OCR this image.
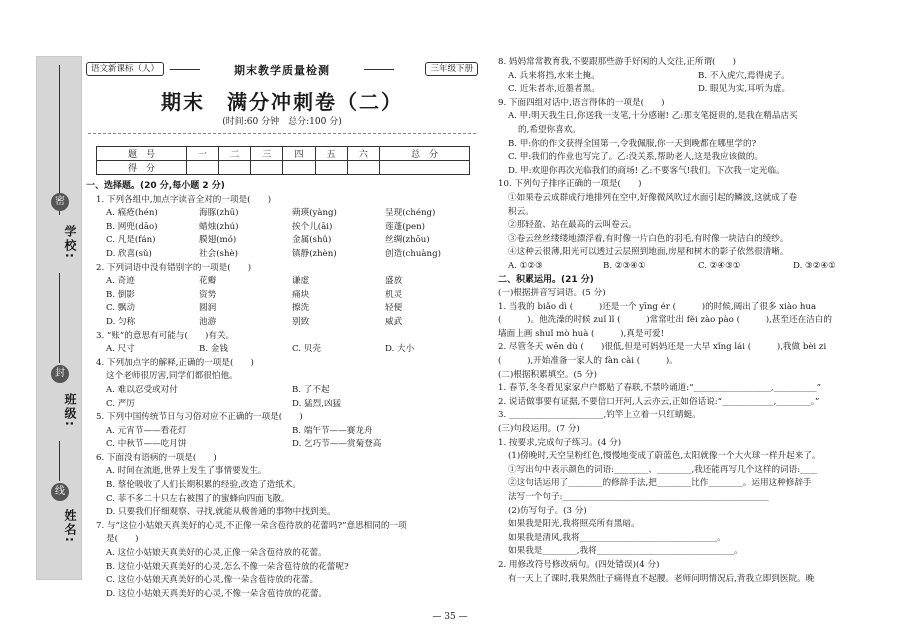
密
学校:
封
班级:
线
姓名:
语文新课标（人）	期末教学质量检测	三年级下册
期末　满分冲刺卷（二）
(时间:60 分钟　总分:100 分)
题　号	一	二	三	四	五	六	总　分
得　分							
一、选择题。(20 分,每小题 2 分)
1. 下列各组中,加点字读音全对的一项是(　　)
A. 瘊疮(hén)	海豚(zhū)	蒴瑛(yàng)	呈现(chéng)
B. 网兜(dāo)	蜡烛(zhú)	挨个儿(āi)	莲蓬(pen)
C. 凡是(fán)	膜翅(mó)	金属(shǔ)	丝绸(zhōu)
D. 欣喜(sǔ)	社会(shè)	镇静(zhèn)	创造(chuàng)
2. 下列词语中没有错别字的一项是(　　)
A. 奇迹	花瓣	谦虚	盛放
B. 倒影	资势	痛块	机灵
C. 飘动	圆润	擦洗	轻便
D. 匀称	池游	别致	威武
3. “账”的意思有可能与(　　)有关。
A. 尺寸	B. 金钱	C. 贝壳	D. 大小
4. 下列加点字的解释,正确的一项是(　　)
这个老师很厉害,同学们都很怕他。
A. 难以忍受或对付	B. 了不起
C. 严厉	D. 猛烈,凶猛
5. 下列中国传统节日与习俗对应不正确的一项是(　　)
A. 元宵节——看花灯	B. 端午节——赛龙舟
C. 中秋节——吃月饼	D. 乞巧节——赏菊登高
6. 下面没有语病的一项是(　　)
A. 时间在流逝,世界上发生了事情要发生。
B. 蔡伦吸收了人们长期积累的经验,改造了造纸术。
C. 菲不多二十只左右被围了的蜜蜂向四面飞散。
D. 只要我们仔细观察、寻找,就能从极普通的事物中找到美。
7. 与“这位小姑娘天真美好的心灵,不正像一朵含苞待放的花蕾吗?”意思相同的一项
是(　　)
A. 这位小姑娘天真美好的心灵,正像一朵含苞待放的花蕾。
B. 这位小姑娘天真美好的心灵,怎么不像一朵含苞待放的花蕾呢?
C. 这位小姑娘天真美好的心灵,像一朵含苞待放的花蕾。
D. 这位小姑娘天真美好的心灵,不像一朵含苞待放的花蕾。
8. 妈妈常常教育我,不要跟那些游手好闲的人交往,正所谓(　　)
A. 兵来将挡,水来土掩。	B. 不入虎穴,焉得虎子。
C. 近朱者赤,近墨者黑。	D. 眼见为实,耳听为虚。
9. 下面四组对话中,语言得体的一项是(　　)
A. 甲:明天我生日,你送我一支笔,十分感谢! 乙:那支笔挺贵的,是我在精品店买
的,希望你喜欢。
B. 甲:你的作文获得全国第一,令我佩服,你一天到晚都在哪里学的?
C. 甲:我们的作业也写完了。乙:没关系,帮助老人,这是我应该做的。
D. 甲:欢迎你再次光临我们的商场! 乙:不要客气!我们。下次我一定光临。
10. 下列句子排序正确的一项是(　　)
①如果卷云成群成行地排列在空中,好像微风吹过水面引起的鳞波,这就成了卷
积云。
②那轻盈、站在最高的云叫卷云。
③卷云丝丝缕缕地漂浮着,有时像一片白色的羽毛,有时像一块洁白的绫纱。
④这种云很薄,阳光可以透过云层照到地面,房屋和树木的影子依然很清晰。
A. ①②③	B. ②③④①	C. ②④③①	D. ③②④①
二、积累运用。(21 分)
(一)根据拼音写词语。(5 分)
1. 当我的 biǎo dì (　　　)还是一个 yīng ér (　　　)的时候,阔出了很多 xiào hua
(　　　)。他洗澡的时候 zuǐ lǐ (　　　)常常吐出 fěi zào pào (　　　),甚至还在洁白的
墙面上画 shuǐ mò huà (　　　),真是可爱!
2. 尽管冬天 wēn dù (　　)很低,但是可妈妈还是一大早 xǐng lái (　　　),我做 bèi zi
(　　　),开始准备一家人的 fàn cài (　　　)。
(二)根据积累填空。(5 分)
1. 春节,冬冬看见家家户户都贴了春联,不禁吟诵道:“__________________,__________”
2. 说话做事要有证据,不要信口开河,人云亦云,正如俗话说:“____________,________。”
3. ______________________,钓竿上立着一只红蜻蜓。
(三)句段运用。(7 分)
1. 按要求,完成句子练习。(4 分)
(1)傍晚时,天空呈粉红色,慢慢地变成了蔚蓝色,太阳就像一个大火球一样升起来了。
①写出句中表示颜色的词语:________、________,我还能再写几个这样的词语:____
②这句话运用了________的修辞手法,把________比作________。运用这种修辞手
法写一个句子:________________________________________________
(2)仿写句子。(3 分)
如果我是阳光,我将照亮所有黑暗。
如果我是清风,我将________________________________。
如果我是________,我将________________________________。
2. 用修改符号修改病句。(四处错误)(4 分)
有一天上了课时,我果然肚子痛得直不起腰。老师问明情况后,背我立即到医院。晚
— 35 —
